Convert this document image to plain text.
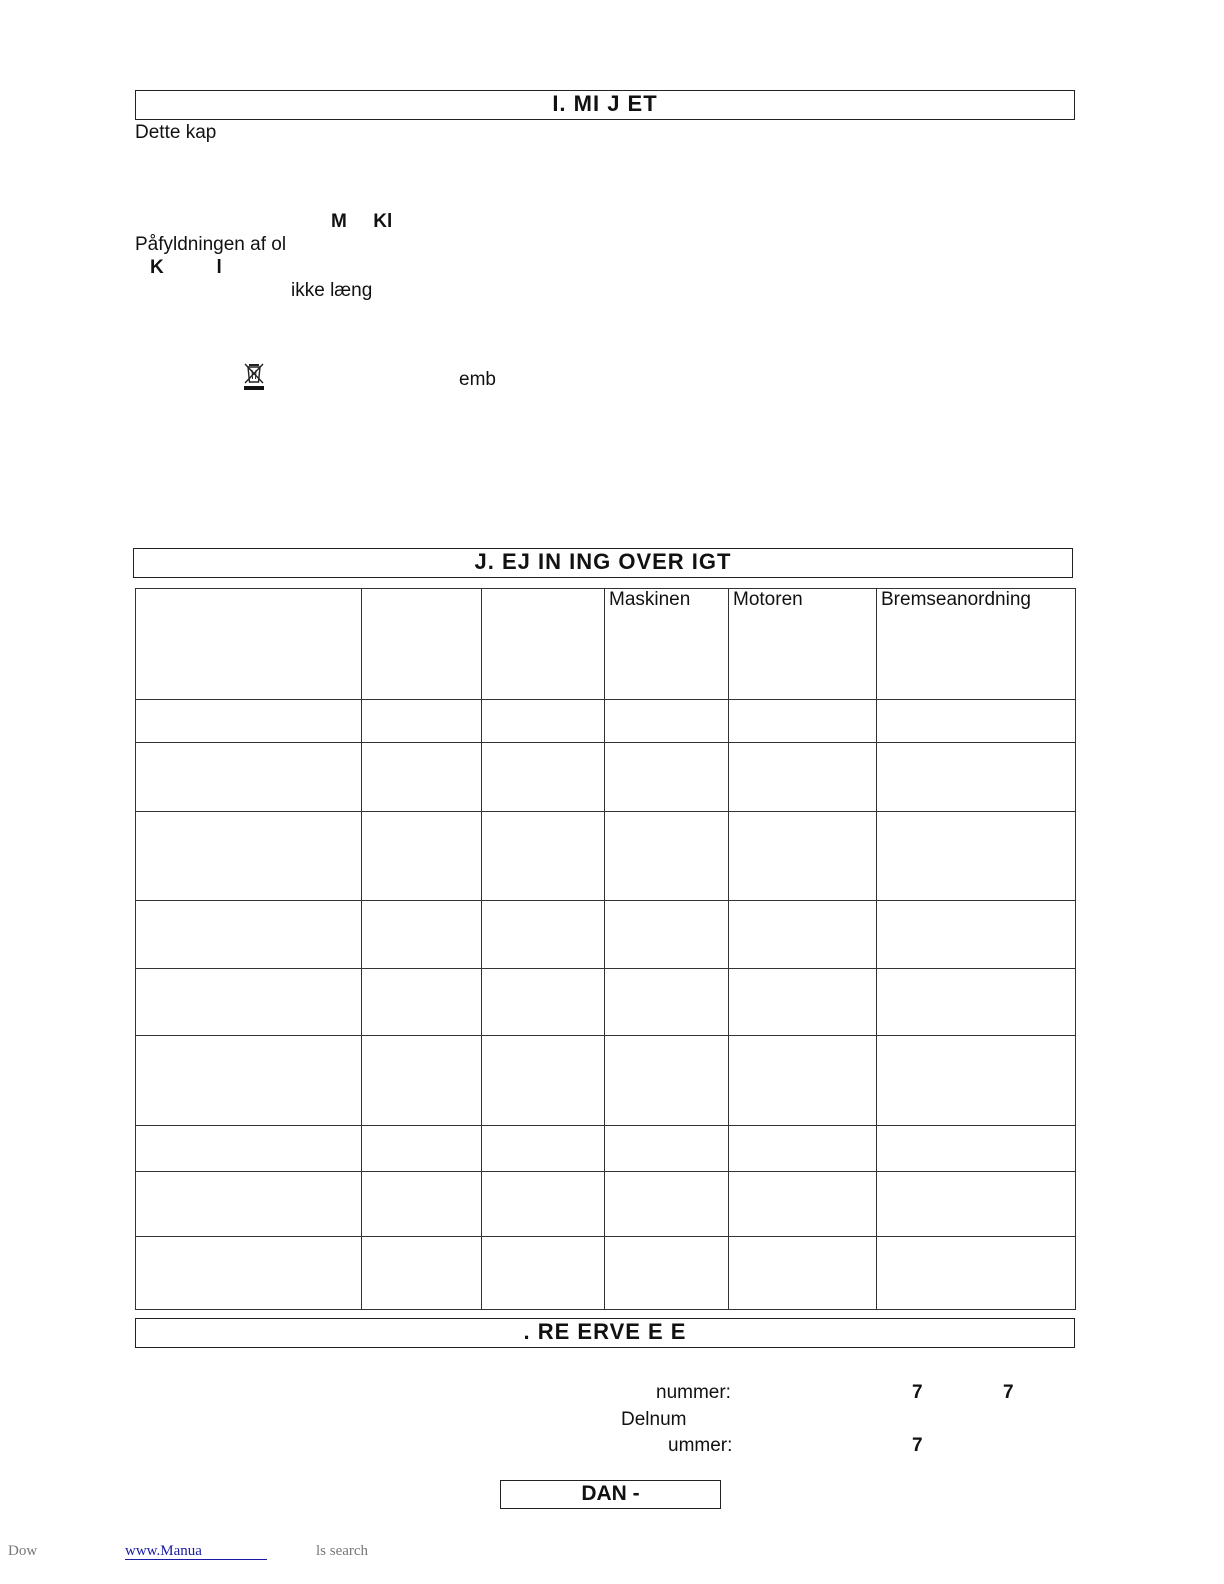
I. MI J ET
Dette kap
M     Kl
Påfyldningen af ol
K          l
ikke læng
emb
J. EJ IN ING OVER IGT
			Maskinen	Motoren	Bremseanordning

. RE ERVE E E
nummer:	7	7
Delnum
ummer:	7
DAN -
Dow	www.Manua	ls search
